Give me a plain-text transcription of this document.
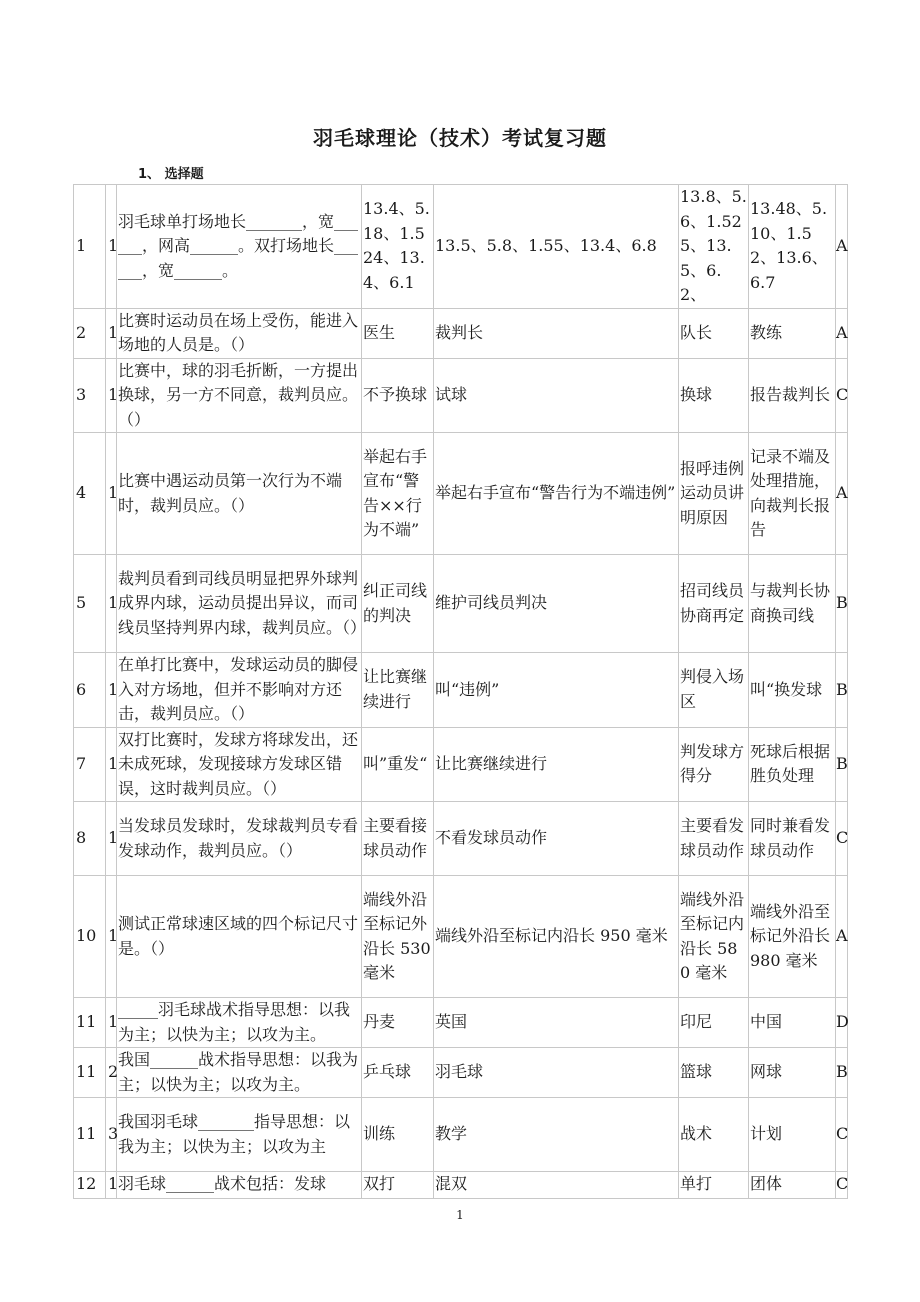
羽毛球理论（技术）考试复习题
1、 选择题
1	1	羽毛球单打场地长_______，宽______，网高______。双打场地长______，宽______。	13.4、5.18、1.524、13.4、6.1	13.5、5.8、1.55、13.4、6.8	13.8、5.6、1.525、13.5、6.2、	13.48、5.10、1.52、13.6、6.7	A
2	1	比赛时运动员在场上受伤，能进入场地的人员是。（）	医生	裁判长	队长	教练	A
3	1	比赛中，球的羽毛折断，一方提出换球，另一方不同意，裁判员应。（）	不予换球	试球	换球	报告裁判长	C
4	1	比赛中遇运动员第一次行为不端时，裁判员应。（）	举起右手宣布“警告××行为不端”	举起右手宣布“警告行为不端违例”	报呼违例运动员讲明原因	记录不端及处理措施，向裁判长报告	A
5	1	裁判员看到司线员明显把界外球判成界内球，运动员提出异议，而司线员坚持判界内球，裁判员应。（）	纠正司线的判决	维护司线员判决	招司线员协商再定	与裁判长协商换司线	B
6	1	在单打比赛中，发球运动员的脚侵入对方场地，但并不影响对方还击，裁判员应。（）	让比赛继续进行	叫“违例”	判侵入场区	叫“换发球	B
7	1	双打比赛时，发球方将球发出，还未成死球，发现接球方发球区错误，这时裁判员应。（）	叫”重发“	让比赛继续进行	判发球方得分	死球后根据胜负处理	B
8	1	当发球员发球时，发球裁判员专看发球动作，裁判员应。（）	主要看接球员动作	不看发球员动作	主要看发球员动作	同时兼看发球员动作	C
10	1	测试正常球速区域的四个标记尺寸是。（）	端线外沿至标记外沿长 530 毫米	端线外沿至标记内沿长 950 毫米	端线外沿至标记内沿长 580 毫米	端线外沿至标记外沿长 980 毫米	A
11	1	_____羽毛球战术指导思想：以我为主；以快为主；以攻为主。	丹麦	英国	印尼	中国	D
11	2	我国______战术指导思想：以我为主；以快为主；以攻为主。	乒乓球	羽毛球	篮球	网球	B
11	3	我国羽毛球_______指导思想：以我为主；以快为主；以攻为主	训练	教学	战术	计划	C
12	1	羽毛球______战术包括：发球	双打	混双	单打	团体	C
1
